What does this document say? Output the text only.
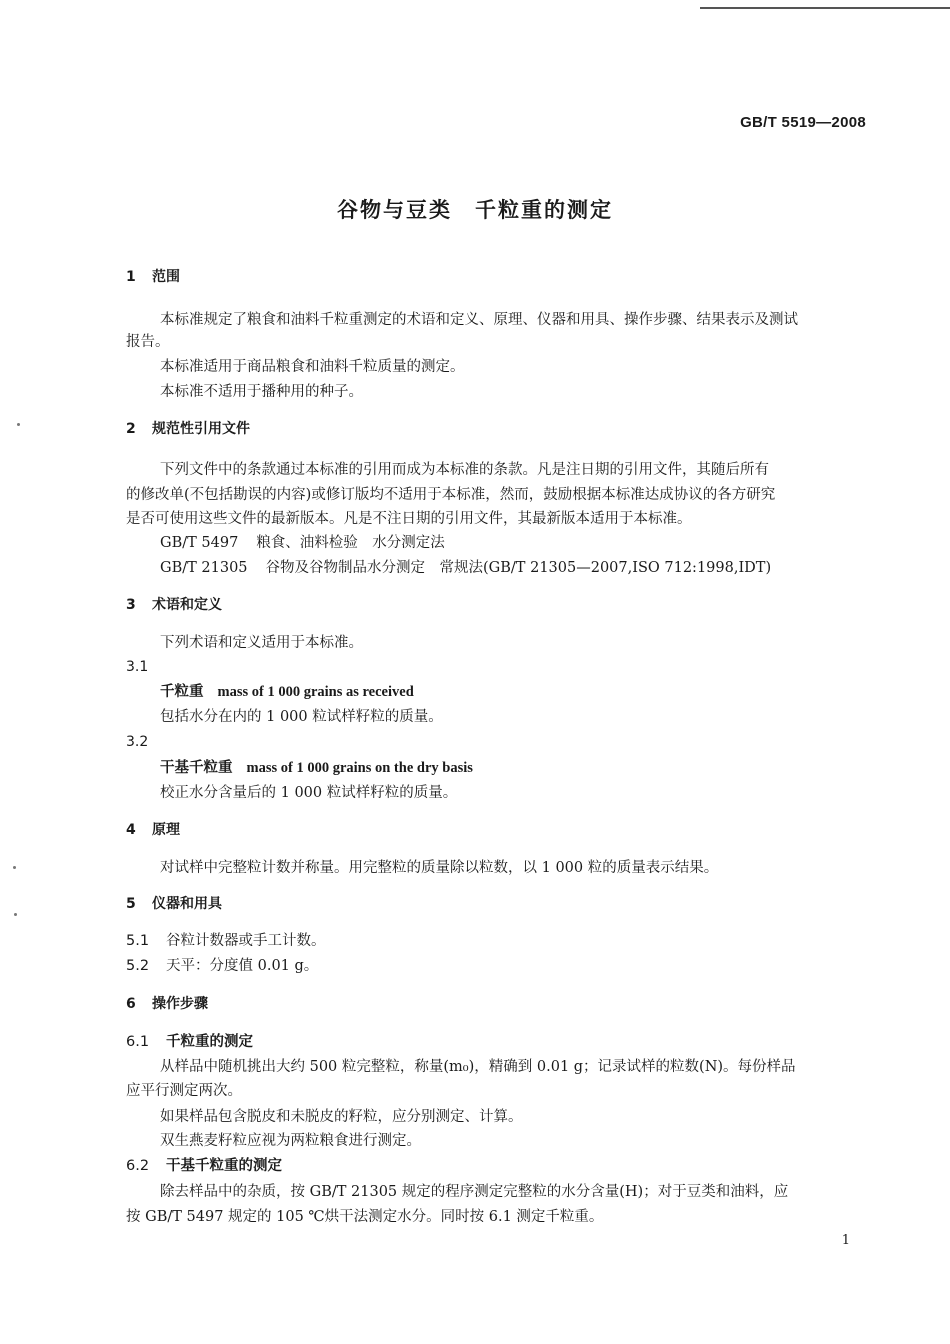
GB/T 5519—2008
谷物与豆类　千粒重的测定
1 范围
本标准规定了粮食和油料千粒重测定的术语和定义、原理、仪器和用具、操作步骤、结果表示及测试
报告。
本标准适用于商品粮食和油料千粒质量的测定。
本标准不适用于播种用的种子。
2 规范性引用文件
下列文件中的条款通过本标准的引用而成为本标准的条款。凡是注日期的引用文件，其随后所有
的修改单(不包括勘误的内容)或修订版均不适用于本标准，然而，鼓励根据本标准达成协议的各方研究
是否可使用这些文件的最新版本。凡是不注日期的引用文件，其最新版本适用于本标准。
GB/T 5497 粮食、油料检验　水分测定法
GB/T 21305 谷物及谷物制品水分测定　常规法(GB/T 21305—2007,ISO 712:1998,IDT)
3 术语和定义
下列术语和定义适用于本标准。
3.1
千粒重 mass of 1 000 grains as received
包括水分在内的 1 000 粒试样籽粒的质量。
3.2
干基千粒重 mass of 1 000 grains on the dry basis
校正水分含量后的 1 000 粒试样籽粒的质量。
4 原理
对试样中完整粒计数并称量。用完整粒的质量除以粒数，以 1 000 粒的质量表示结果。
5 仪器和用具
5.1 谷粒计数器或手工计数。
5.2 天平：分度值 0.01 g。
6 操作步骤
6.1 千粒重的测定
从样品中随机挑出大约 500 粒完整粒，称量(m₀)，精确到 0.01 g；记录试样的粒数(N)。每份样品
应平行测定两次。
如果样品包含脱皮和未脱皮的籽粒，应分别测定、计算。
双生燕麦籽粒应视为两粒粮食进行测定。
6.2 干基千粒重的测定
除去样品中的杂质，按 GB/T 21305 规定的程序测定完整粒的水分含量(H)；对于豆类和油料，应
按 GB/T 5497 规定的 105 ℃烘干法测定水分。同时按 6.1 测定千粒重。
1
